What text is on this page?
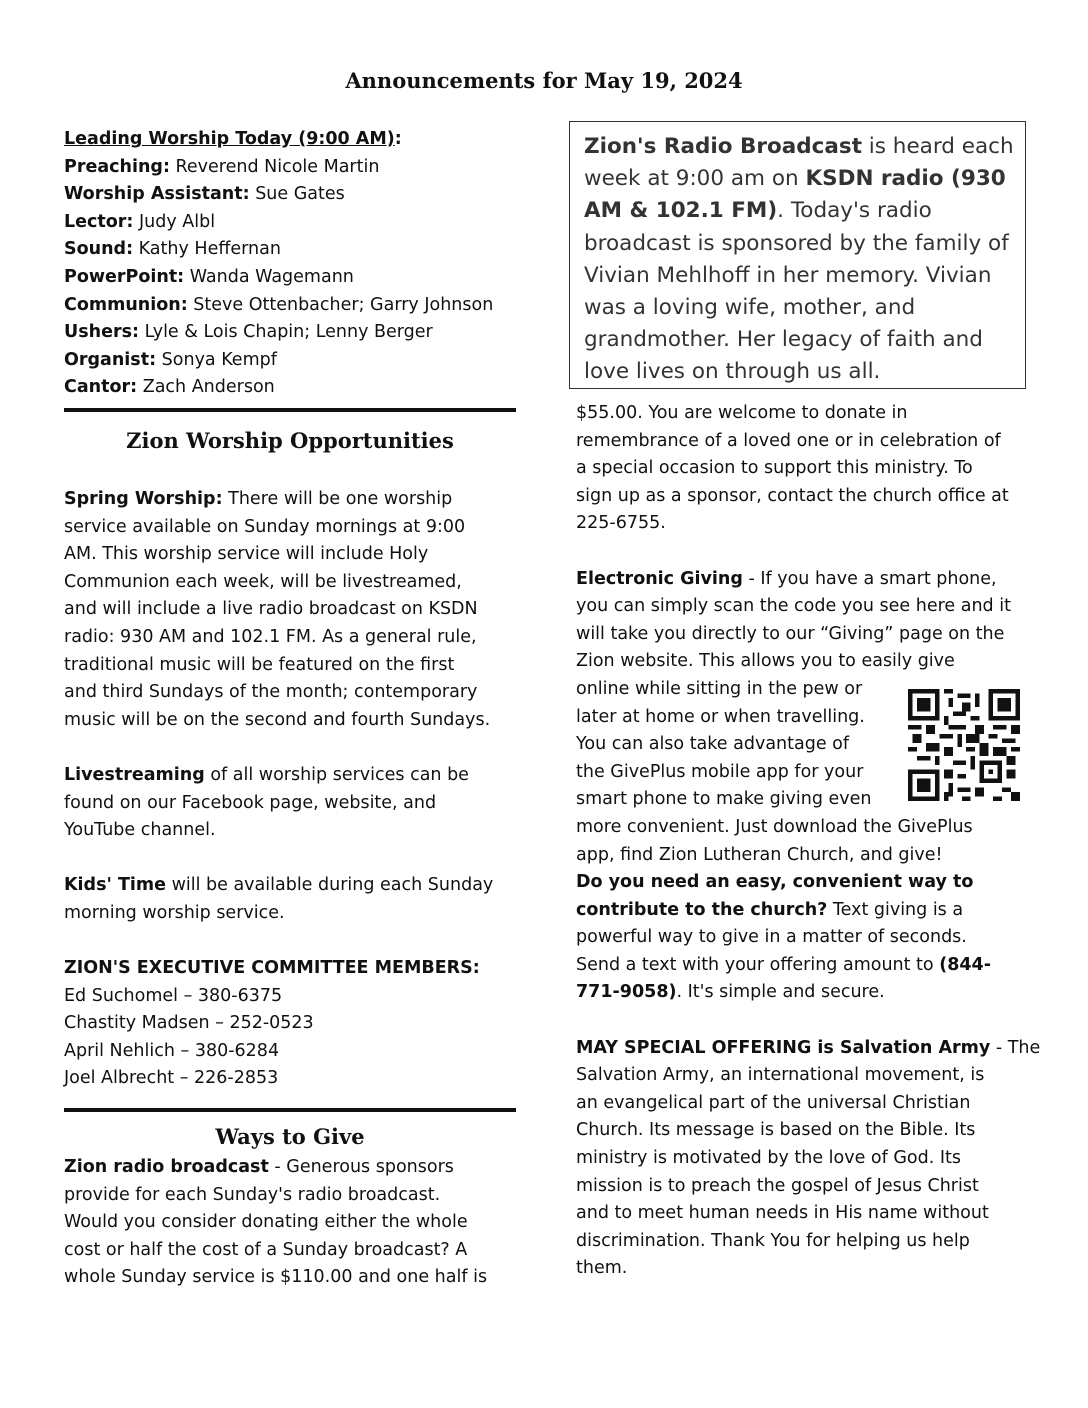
Announcements for May 19, 2024

Leading Worship Today (9:00 AM):

Preaching: Reverend Nicole Martin

Worship Assistant: Sue Gates

Lector: Judy Albl

Sound: Kathy Heffernan

PowerPoint: Wanda Wagemann

Communion: Steve Ottenbacher; Garry Johnson

Ushers: Lyle & Lois Chapin; Lenny Berger

Organist: Sonya Kempf

Cantor: Zach Anderson

Zion Worship Opportunities

Spring Worship: There will be one worship

service available on Sunday mornings at 9:00

AM. This worship service will include Holy

Communion each week, will be livestreamed,

and will include a live radio broadcast on KSDN

radio: 930 AM and 102.1 FM. As a general rule,

traditional music will be featured on the first

and third Sundays of the month; contemporary

music will be on the second and fourth Sundays.

Livestreaming of all worship services can be

found on our Facebook page, website, and

YouTube channel.

Kids' Time will be available during each Sunday

morning worship service.

ZION'S EXECUTIVE COMMITTEE MEMBERS:

Ed Suchomel – 380-6375

Chastity Madsen – 252-0523

April Nehlich – 380-6284

Joel Albrecht – 226-2853

Ways to Give

Zion radio broadcast - Generous sponsors

provide for each Sunday's radio broadcast.

Would you consider donating either the whole

cost or half the cost of a Sunday broadcast? A

whole Sunday service is $110.00 and one half is

Zion's Radio Broadcast is heard each
week at 9:00 am on KSDN radio (930
AM & 102.1 FM). Today's radio

broadcast is sponsored by the family of

Vivian Mehlhoff in her memory. Vivian

was a loving wife, mother, and

grandmother. Her legacy of faith and

love lives on through us all.

$55.00. You are welcome to donate in

remembrance of a loved one or in celebration of

a special occasion to support this ministry. To

sign up as a sponsor, contact the church office at

225-6755.

Electronic Giving - If you have a smart phone,

you can simply scan the code you see here and it

will take you directly to our “Giving” page on the

Zion website. This allows you to easily give

online while sitting in the pew or

later at home or when travelling.

You can also take advantage of

the GivePlus mobile app for your

smart phone to make giving even

more convenient. Just download the GivePlus

app, find Zion Lutheran Church, and give!

Do you need an easy, convenient way to

contribute to the church? Text giving is a

powerful way to give in a matter of seconds.

Send a text with your offering amount to (844-

771-9058). It's simple and secure.

MAY SPECIAL OFFERING is Salvation Army - The

Salvation Army, an international movement, is

an evangelical part of the universal Christian

Church. Its message is based on the Bible. Its

ministry is motivated by the love of God. Its

mission is to preach the gospel of Jesus Christ

and to meet human needs in His name without

discrimination. Thank You for helping us help

them.
